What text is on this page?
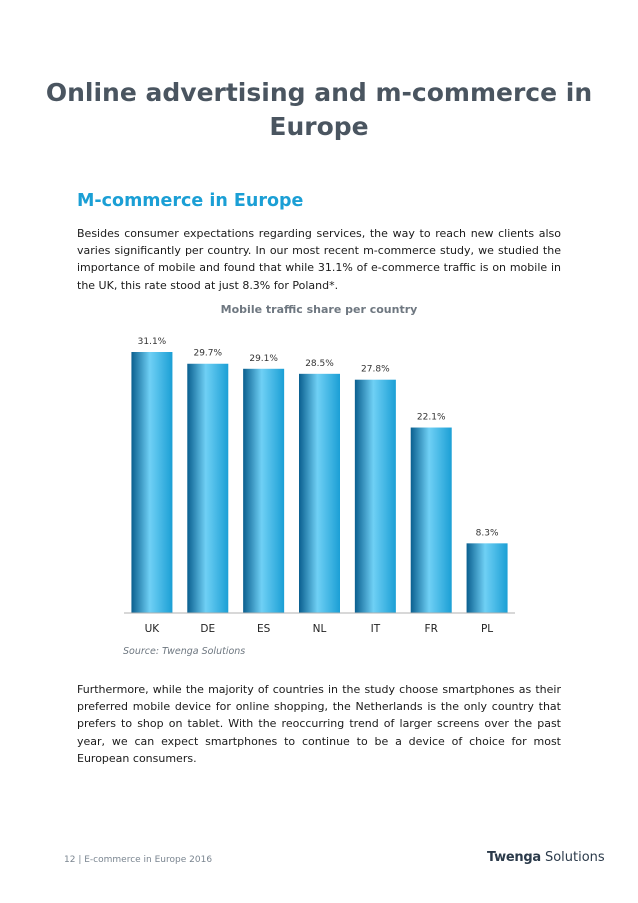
Online advertising and m-commerce in Europe
M-commerce in Europe

Besides consumer expectations regarding services, the way to reach new clients also varies significantly per country. In our most recent m-commerce study, we studied the importance of mobile and found that while 31.1% of e-commerce traffic is on mobile in the UK, this rate stood at just 8.3% for Poland*.

Mobile traffic share per country
31.1%
UK
29.7%
DE
29.1%
ES
28.5%
NL
27.8%
IT
22.1%
FR
8.3%
PL
Source: Twenga Solutions

Furthermore, while the majority of countries in the study choose smartphones as their preferred mobile device for online shopping, the Netherlands is the only country that prefers to shop on tablet. With the reoccurring trend of larger screens over the past year, we can expect smartphones to continue to be a device of choice for most European consumers.

12 | E-commerce in Europe 2016	Twenga Solutions
